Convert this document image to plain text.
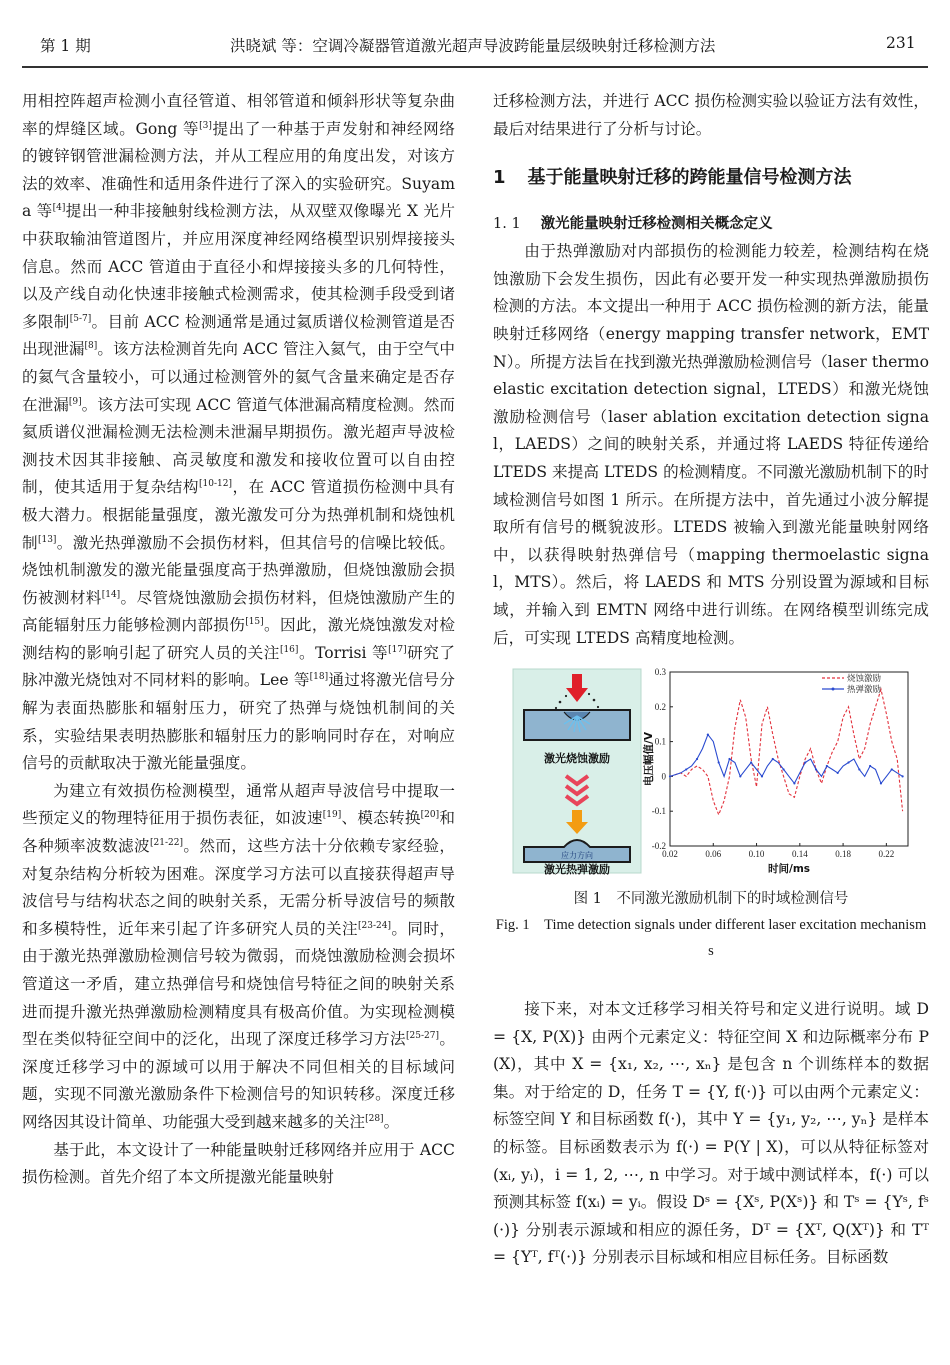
第 1 期	洪晓斌 等：空调冷凝器管道激光超声导波跨能量层级映射迁移检测方法	231

用相控阵超声检测小直径管道、相邻管道和倾斜形状等复杂曲率的焊缝区域。Gong 等[3]提出了一种基于声发射和神经网络的镀锌钢管泄漏检测方法，并从工程应用的角度出发，对该方法的效率、准确性和适用条件进行了深入的实验研究。Suyama 等[4]提出一种非接触射线检测方法，从双壁双像曝光 X 光片中获取输油管道图片，并应用深度神经网络模型识别焊接接头信息。然而 ACC 管道由于直径小和焊接接头多的几何特性，以及产线自动化快速非接触式检测需求，使其检测手段受到诸多限制[5-7]。目前 ACC 检测通常是通过氦质谱仪检测管道是否出现泄漏[8]。该方法检测首先向 ACC 管注入氦气，由于空气中的氦气含量较小，可以通过检测管外的氦气含量来确定是否存在泄漏[9]。该方法可实现 ACC 管道气体泄漏高精度检测。然而氦质谱仪泄漏检测无法检测未泄漏早期损伤。激光超声导波检测技术因其非接触、高灵敏度和激发和接收位置可以自由控制，使其适用于复杂结构[10-12]，在 ACC 管道损伤检测中具有极大潜力。根据能量强度，激光激发可分为热弹机制和烧蚀机制[13]。激光热弹激励不会损伤材料，但其信号的信噪比较低。烧蚀机制激发的激光能量强度高于热弹激励，但烧蚀激励会损伤被测材料[14]。尽管烧蚀激励会损伤材料，但烧蚀激励产生的高能辐射压力能够检测内部损伤[15]。因此，激光烧蚀激发对检测结构的影响引起了研究人员的关注[16]。Torrisi 等[17]研究了脉冲激光烧蚀对不同材料的影响。Lee 等[18]通过将激光信号分解为表面热膨胀和辐射压力，研究了热弹与烧蚀机制间的关系，实验结果表明热膨胀和辐射压力的影响同时存在，对响应信号的贡献取决于激光能量强度。

为建立有效损伤检测模型，通常从超声导波信号中提取一些预定义的物理特征用于损伤表征，如波速[19]、模态转换[20]和各种频率波数滤波[21-22]。然而，这些方法十分依赖专家经验，对复杂结构分析较为困难。深度学习方法可以直接获得超声导波信号与结构状态之间的映射关系，无需分析导波信号的频散和多模特性，近年来引起了许多研究人员的关注[23-24]。同时，由于激光热弹激励检测信号较为微弱，而烧蚀激励检测会损坏管道这一矛盾，建立热弹信号和烧蚀信号特征之间的映射关系进而提升激光热弹激励检测精度具有极高价值。为实现检测模型在类似特征空间中的泛化，出现了深度迁移学习方法[25-27]。深度迁移学习中的源域可以用于解决不同但相关的目标域问题，实现不同激光激励条件下检测信号的知识转移。深度迁移网络因其设计简单、功能强大受到越来越多的关注[28]。

基于此，本文设计了一种能量映射迁移网络并应用于 ACC 损伤检测。首先介绍了本文所提激光能量映射

迁移检测方法，并进行 ACC 损伤检测实验以验证方法有效性，最后对结果进行了分析与讨论。

1 基于能量映射迁移的跨能量信号检测方法

1. 1 激光能量映射迁移检测相关概念定义

由于热弹激励对内部损伤的检测能力较差，检测结构在烧蚀激励下会发生损伤，因此有必要开发一种实现热弹激励损伤检测的方法。本文提出一种用于 ACC 损伤检测的新方法，能量映射迁移网络（energy mapping transfer network，EMTN）。所提方法旨在找到激光热弹激励检测信号（laser thermoelastic excitation detection signal，LTEDS）和激光烧蚀激励检测信号（laser ablation excitation detection signal，LAEDS）之间的映射关系，并通过将 LAEDS 特征传递给 LTEDS 来提高 LTEDS 的检测精度。不同激光激励机制下的时域检测信号如图 1 所示。在所提方法中，首先通过小波分解提取所有信号的概貌波形。LTEDS 被输入到激光能量映射网络中，以获得映射热弹信号（mapping thermoelastic signal，MTS）。然后，将 LAEDS 和 MTS 分别设置为源域和目标域，并输入到 EMTN 网络中进行训练。在网络模型训练完成后，可实现 LTEDS 高精度地检测。

激光烧蚀激励
应力方向
激光热弹激励
0.02	0.06	0.10	0.14	0.18	0.22
-0.2
-0.1
0
0.1
0.2
0.3
时间/ms
电压幅值/V
烧蚀激励
热弹激励
图 1　不同激光激励机制下的时域检测信号
Fig. 1　Time detection signals under different laser excitation mechanisms

接下来，对本文迁移学习相关符号和定义进行说明。域 D = {X, P(X)} 由两个元素定义：特征空间 X 和边际概率分布 P(X)，其中 X = {x₁, x₂, ⋯, xₙ} 是包含 n 个训练样本的数据集。对于给定的 D，任务 T = {Y, f(·)} 可以由两个元素定义：标签空间 Y 和目标函数 f(·)，其中 Y = {y₁, y₂, ⋯, yₙ} 是样本的标签。目标函数表示为 f(·) = P(Y | X)，可以从特征标签对(xᵢ, yᵢ)，i = 1, 2, ⋯, n 中学习。对于域中测试样本，f(·) 可以预测其标签 f(xᵢ) = yᵢ。假设 Dˢ = {Xˢ, P(Xˢ)} 和 Tˢ = {Yˢ, fˢ(·)} 分别表示源域和相应的源任务，Dᵀ = {Xᵀ, Q(Xᵀ)} 和 Tᵀ = {Yᵀ, fᵀ(·)} 分别表示目标域和相应目标任务。目标函数
